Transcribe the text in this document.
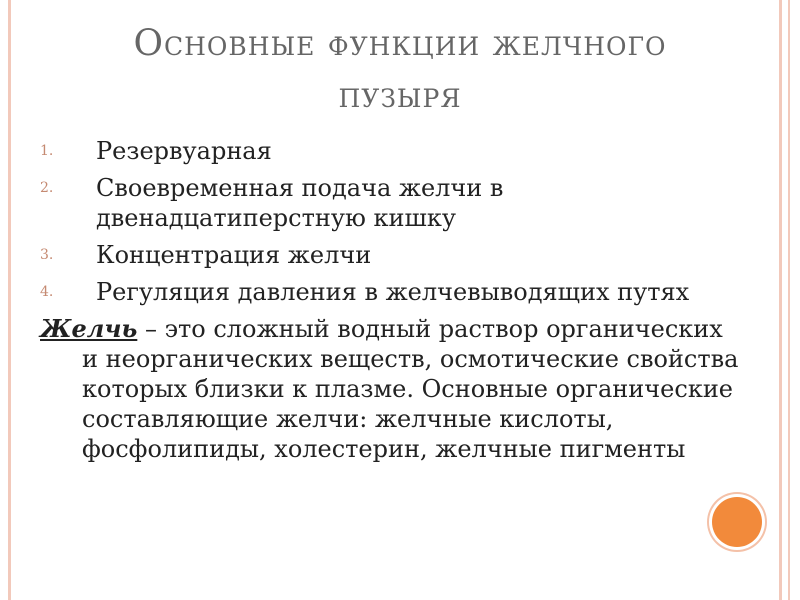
Основные функции желчного
пузыря
1. Резервуарная
2. Своевременная подача желчи в двенадцатиперстную кишку
3. Концентрация желчи
4. Регуляция давления в желчевыводящих путях
Желчь – это сложный водный раствор органических и неорганических веществ, осмотические свойства которых близки к плазме. Основные органические составляющие желчи: желчные кислоты, фосфолипиды, холестерин, желчные пигменты
